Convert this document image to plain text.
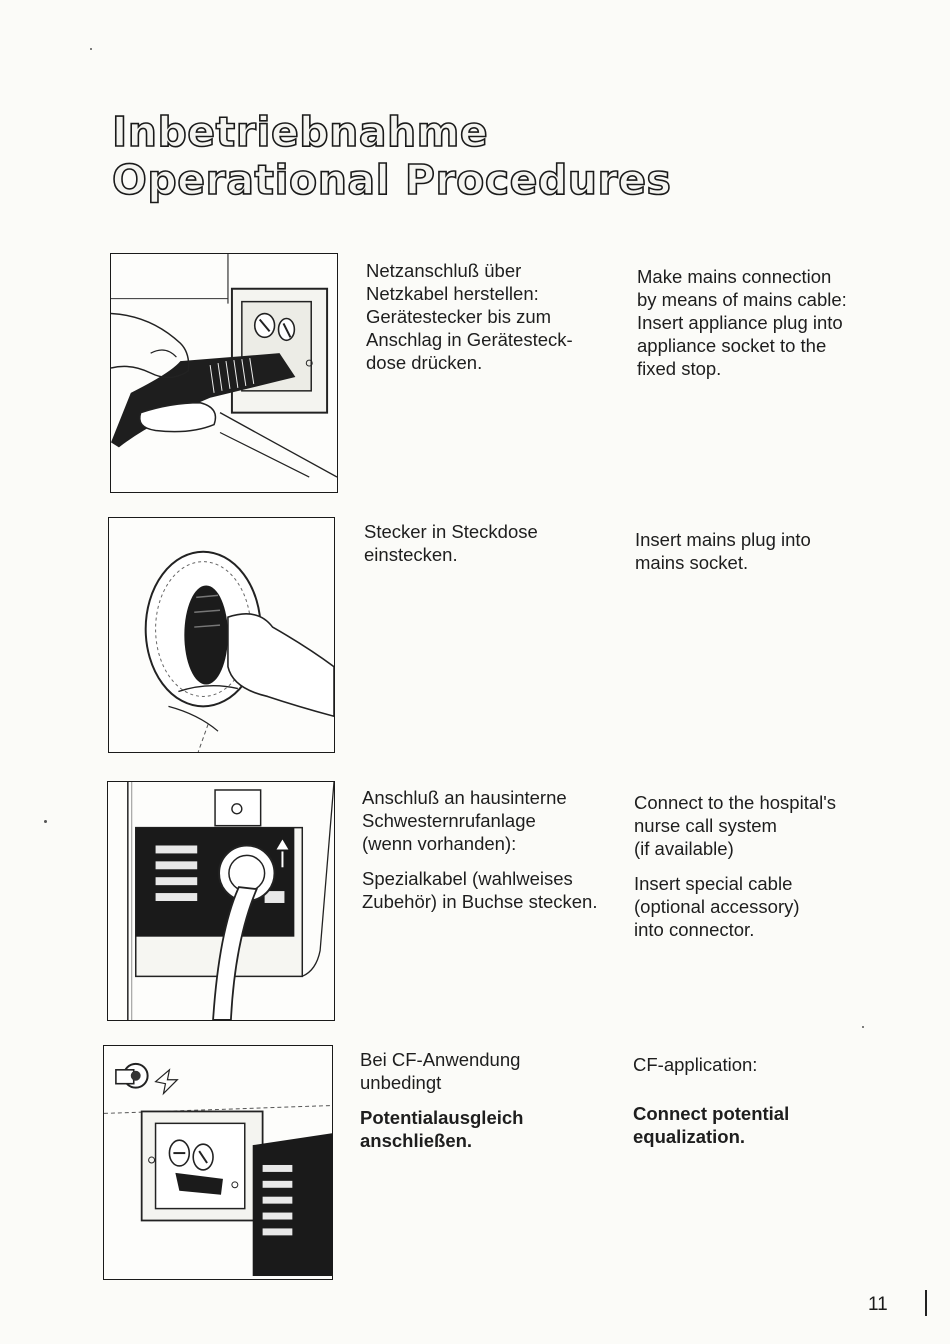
Inbetriebnahme
Operational Procedures

Netzanschluß über

Netzkabel herstellen:

Gerätestecker bis zum

Anschlag in Gerätesteck-

dose drücken.

Make mains connection

by means of mains cable:

Insert appliance plug into

appliance socket to the

fixed stop.

Stecker in Steckdose

einstecken.

Insert mains plug into

mains socket.

Anschluß an hausinterne

Schwesternrufanlage

(wenn vorhanden):

Spezialkabel (wahlweises

Zubehör) in Buchse stecken.

Connect to the hospital's

nurse call system

(if available)

Insert special cable

(optional accessory)

into connector.

Bei CF-Anwendung

unbedingt

Potentialausgleich

anschließen.

CF-application:

Connect potential

equalization.

11
